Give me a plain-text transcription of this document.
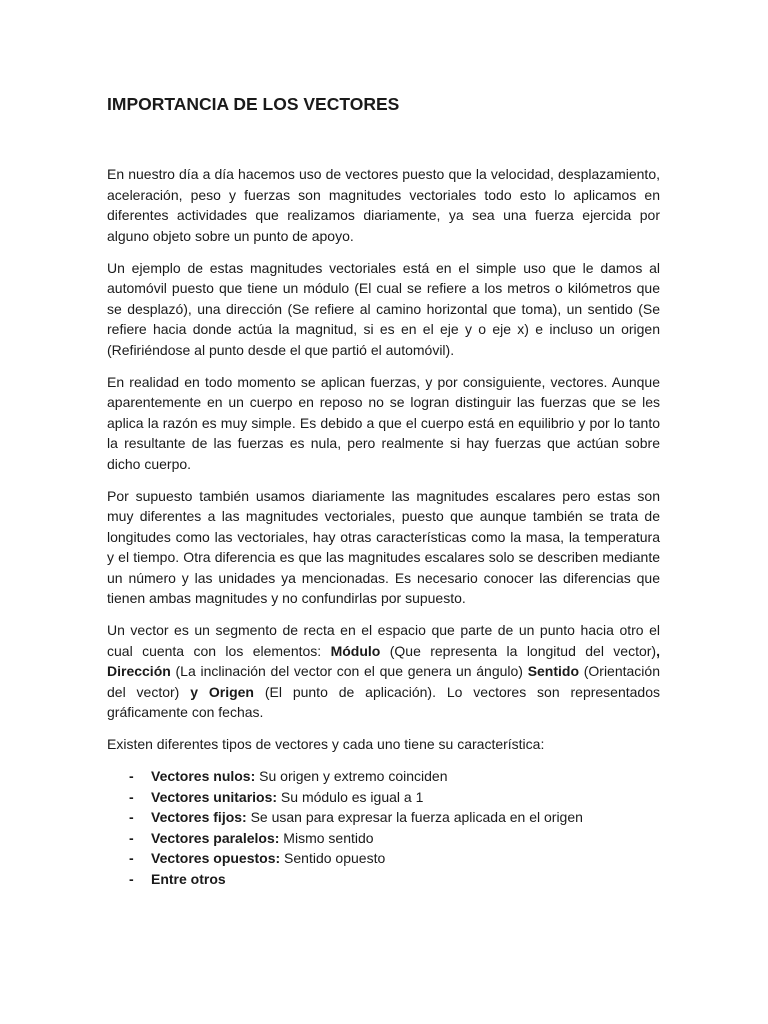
IMPORTANCIA DE LOS VECTORES

En nuestro día a día hacemos uso de vectores puesto que la velocidad, desplazamiento, aceleración, peso y fuerzas son magnitudes vectoriales todo esto lo aplicamos en diferentes actividades que realizamos diariamente, ya sea una fuerza ejercida por alguno objeto sobre un punto de apoyo.

Un ejemplo de estas magnitudes vectoriales está en el simple uso que le damos al automóvil puesto que tiene un módulo (El cual se refiere a los metros o kilómetros que se desplazó), una dirección (Se refiere al camino horizontal que toma), un sentido (Se refiere hacia donde actúa la magnitud, si es en el eje y o eje x) e incluso un origen (Refiriéndose al punto desde el que partió el automóvil).

En realidad en todo momento se aplican fuerzas, y por consiguiente, vectores. Aunque aparentemente en un cuerpo en reposo no se logran distinguir las fuerzas que se les aplica la razón es muy simple. Es debido a que el cuerpo está en equilibrio y por lo tanto la resultante de las fuerzas es nula, pero realmente si hay fuerzas que actúan sobre dicho cuerpo.

Por supuesto también usamos diariamente las magnitudes escalares pero estas son muy diferentes a las magnitudes vectoriales, puesto que aunque también se trata de longitudes como las vectoriales, hay otras características como la masa, la temperatura y el tiempo. Otra diferencia es que las magnitudes escalares solo se describen mediante un número y las unidades ya mencionadas. Es necesario conocer las diferencias que tienen ambas magnitudes y no confundirlas por supuesto.

Un vector es un segmento de recta en el espacio que parte de un punto hacia otro el cual cuenta con los elementos: Módulo (Que representa la longitud del vector), Dirección (La inclinación del vector con el que genera un ángulo) Sentido (Orientación del vector) y Origen (El punto de aplicación). Lo vectores son representados gráficamente con fechas.

Existen diferentes tipos de vectores y cada uno tiene su característica:

- Vectores nulos: Su origen y extremo coinciden
- Vectores unitarios: Su módulo es igual a 1
- Vectores fijos: Se usan para expresar la fuerza aplicada en el origen
- Vectores paralelos: Mismo sentido
- Vectores opuestos: Sentido opuesto
- Entre otros
